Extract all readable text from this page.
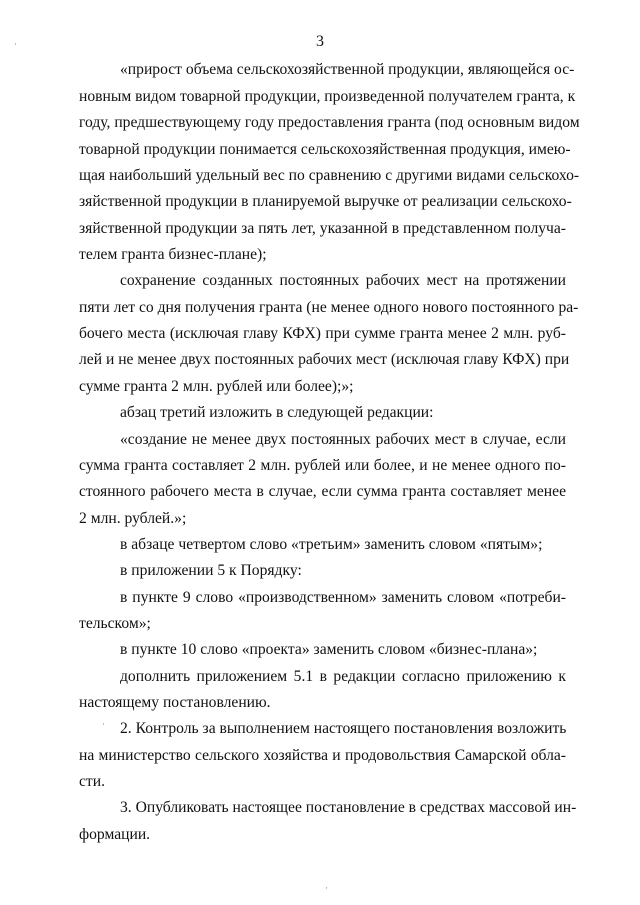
3
«прирост объема сельскохозяйственной продукции, являющейся ос-
новным видом товарной продукции, произведенной получателем гранта, к
году, предшествующему году предоставления гранта (под основным видом
товарной продукции понимается сельскохозяйственная продукция, имею-
щая наибольший удельный вес по сравнению с другими видами сельскохо-
зяйственной продукции в планируемой выручке от реализации сельскохо-
зяйственной продукции за пять лет, указанной в представленном получа-
телем гранта бизнес-плане);
сохранение созданных постоянных рабочих мест на протяжении
пяти лет со дня получения гранта (не менее одного нового постоянного ра-
бочего места (исключая главу КФХ) при сумме гранта менее 2 млн. руб-
лей и не менее двух постоянных рабочих мест (исключая главу КФХ) при
сумме гранта 2 млн. рублей или более);»;
абзац третий изложить в следующей редакции:
«создание не менее двух постоянных рабочих мест в случае, если
сумма гранта составляет 2 млн. рублей или более, и не менее одного по-
стоянного рабочего места в случае, если сумма гранта составляет менее
2 млн. рублей.»;
в абзаце четвертом слово «третьим» заменить словом «пятым»;
в приложении 5 к Порядку:
в пункте 9 слово «производственном» заменить словом «потреби-
тельском»;
в пункте 10 слово «проекта» заменить словом «бизнес-плана»;
дополнить приложением 5.1 в редакции согласно приложению к
настоящему постановлению.
2. Контроль за выполнением настоящего постановления возложить
на министерство сельского хозяйства и продовольствия Самарской обла-
сти.
3. Опубликовать настоящее постановление в средствах массовой ин-
формации.
·
·
·
